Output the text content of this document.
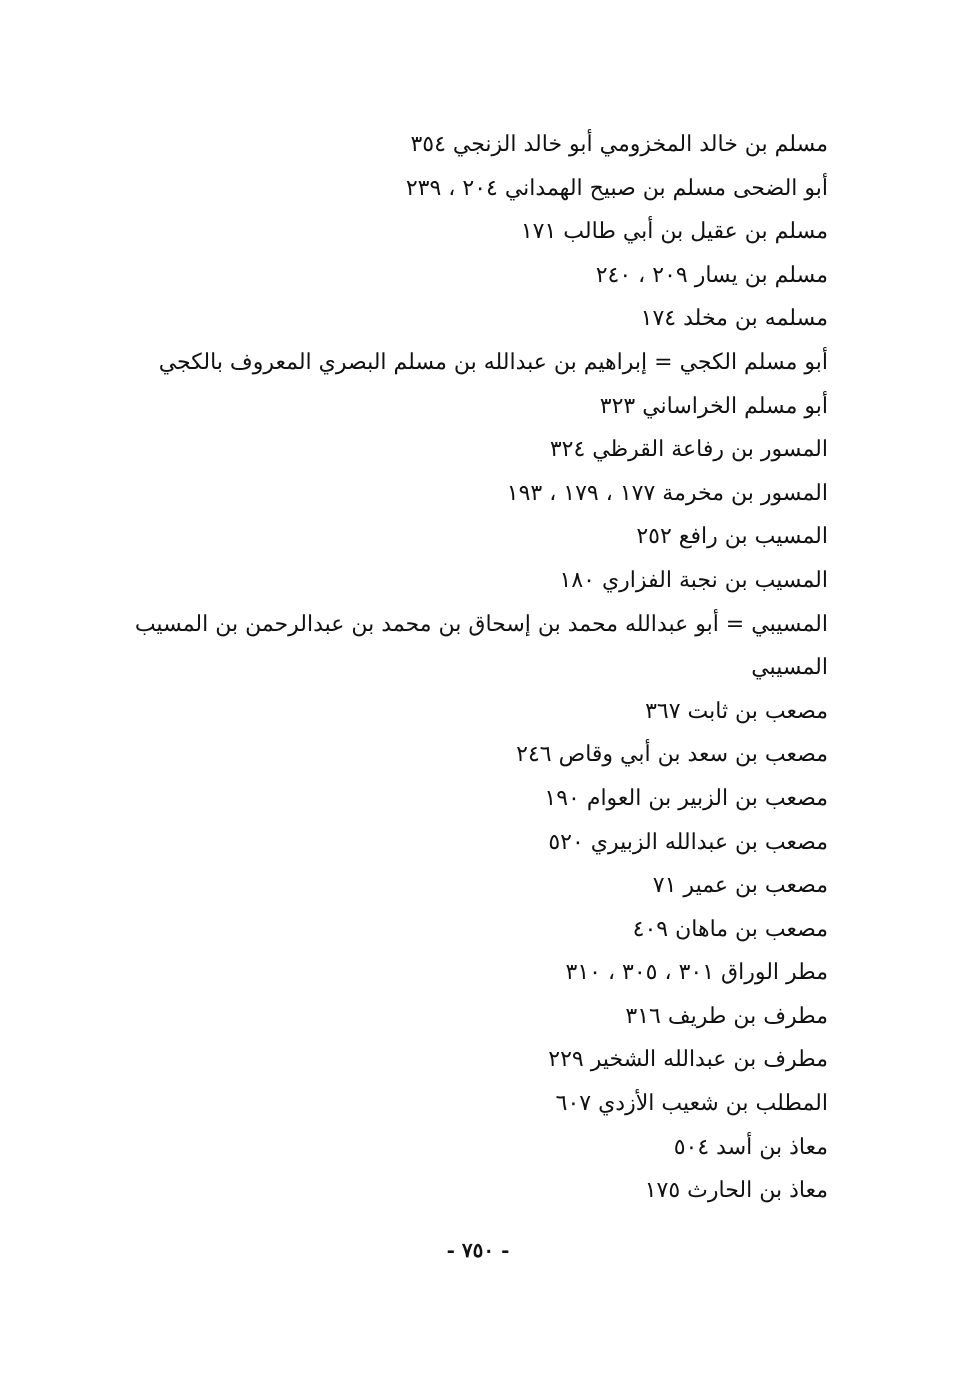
مسلم بن خالد المخزومي أبو خالد الزنجي ٣٥٤
أبو الضحى مسلم بن صبيح الهمداني ٢٠٤ ، ٢٣٩
مسلم بن عقيل بن أبي طالب ١٧١
مسلم بن يسار ٢٠٩ ، ٢٤٠
مسلمه بن مخلد ١٧٤
أبو مسلم الكجي = إبراهيم بن عبدالله بن مسلم البصري المعروف بالكجي
أبو مسلم الخراساني ٣٢٣
المسور بن رفاعة القرظي ٣٢٤
المسور بن مخرمة ١٧٧ ، ١٧٩ ، ١٩٣
المسيب بن رافع ٢٥٢
المسيب بن نجبة الفزاري ١٨٠
المسيبي = أبو عبدالله محمد بن إسحاق بن محمد بن عبدالرحمن بن المسيب المسيبي
مصعب بن ثابت ٣٦٧
مصعب بن سعد بن أبي وقاص ٢٤٦
مصعب بن الزبير بن العوام ١٩٠
مصعب بن عبدالله الزبيري ٥٢٠
مصعب بن عمير ٧١
مصعب بن ماهان ٤٠٩
مطر الوراق ٣٠١ ، ٣٠٥ ، ٣١٠
مطرف بن طريف ٣١٦
مطرف بن عبدالله الشخير ٢٢٩
المطلب بن شعيب الأزدي ٦٠٧
معاذ بن أسد ٥٠٤
معاذ بن الحارث ١٧٥
- ٧٥٠ -
